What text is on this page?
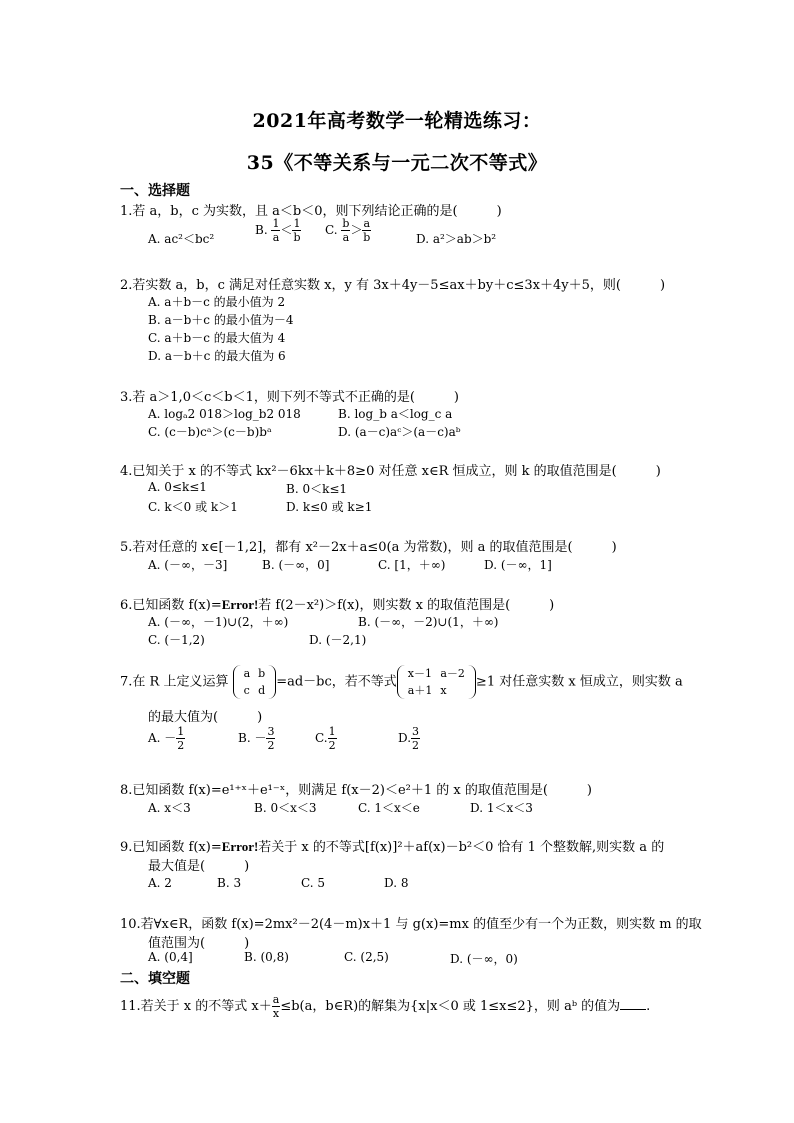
2021年高考数学一轮精选练习：
35《不等关系与一元二次不等式》
一、选择题
1.若 a，b，c 为实数，且 a＜b＜0，则下列结论正确的是(　　　)
A. ac²＜bc²
B. $\frac{1}{a} < \frac{1}{b} C$. $\frac{b}{a} > \frac{a}{b}$	D. a²＞ab＞b²
2.若实数 a，b，c 满足对任意实数 x，y 有 3x＋4y－5≤ax＋by＋c≤3x＋4y＋5，则(　　　)
A. a＋b－c 的最小值为 2
B. a－b＋c 的最小值为－4
C. a＋b－c 的最大值为 4
D. a－b＋c 的最大值为 6
3.若 a＞1,0＜c＜b＜1，则下列不等式不正确的是(　　　)
A. logₐ2 018＞log_b2 018	B. log_b a＜log_c a
C. (c－b)cᵃ＞(c－b)bᵃ	D. (a－c)aᶜ＞(a－c)aᵇ
4.已知关于 x 的不等式 kx²－6kx＋k＋8≥0 对任意 x∈R 恒成立，则 k 的取值范围是(　　　)
A. 0≤k≤1	B. 0＜k≤1
C. k＜0 或 k＞1	D. k≤0 或 k≥1
5.若对任意的 x∈[－1,2]，都有 x²－2x＋a≤0(a 为常数)，则 a 的取值范围是(　　　)
A. (－∞，－3]	B. (－∞，0]	C. [1，＋∞)	D. (－∞，1]
6.已知函数 f(x)=Error!若 f(2－x²)＞f(x)，则实数 x 的取值范围是(　　　)
A. (－∞，－1)∪(2，＋∞)	B. (－∞，－2)∪(1，＋∞)
C. (－1,2)	D. (－2,1)
7.在 R 上定义运算
a	b
c	d
=ad－bc，若不等式
x－1	a－2
a＋1	x
≥1 对任意实数 x 恒成立，则实数 a
的最大值为(　　　)
A. － $\frac{1}{2}$	B. － $\frac{3}{2}$	C. $\frac{1}{2}$	D. $\frac{3}{2}$
8.已知函数 f(x)=e¹⁺ˣ＋e¹⁻ˣ，则满足 f(x－2)＜e²＋1 的 x 的取值范围是(　　　)
A. x＜3	B. 0＜x＜3	C. 1＜x＜e	D. 1＜x＜3
9.已知函数 f(x)=Error!若关于 x 的不等式[f(x)]²＋af(x)－b²＜0 恰有 1 个整数解,则实数 a 的
最大值是(　　　)
A. 2	B. 3	C. 5	D. 8
10.若∀x∈R，函数 f(x)=2mx²－2(4－m)x＋1 与 g(x)=mx 的值至少有一个为正数，则实数 m 的取
值范围为(　　　)
A. (0,4]	B. (0,8)	C. (2,5)	D. (－∞，0)
二、填空题
11.若关于 x 的不等式 $x+ \frac{a}{x} \le b(a$，b∈R)的解集为{x|x＜0 或 1≤x≤2}，则 aᵇ 的值为 .
